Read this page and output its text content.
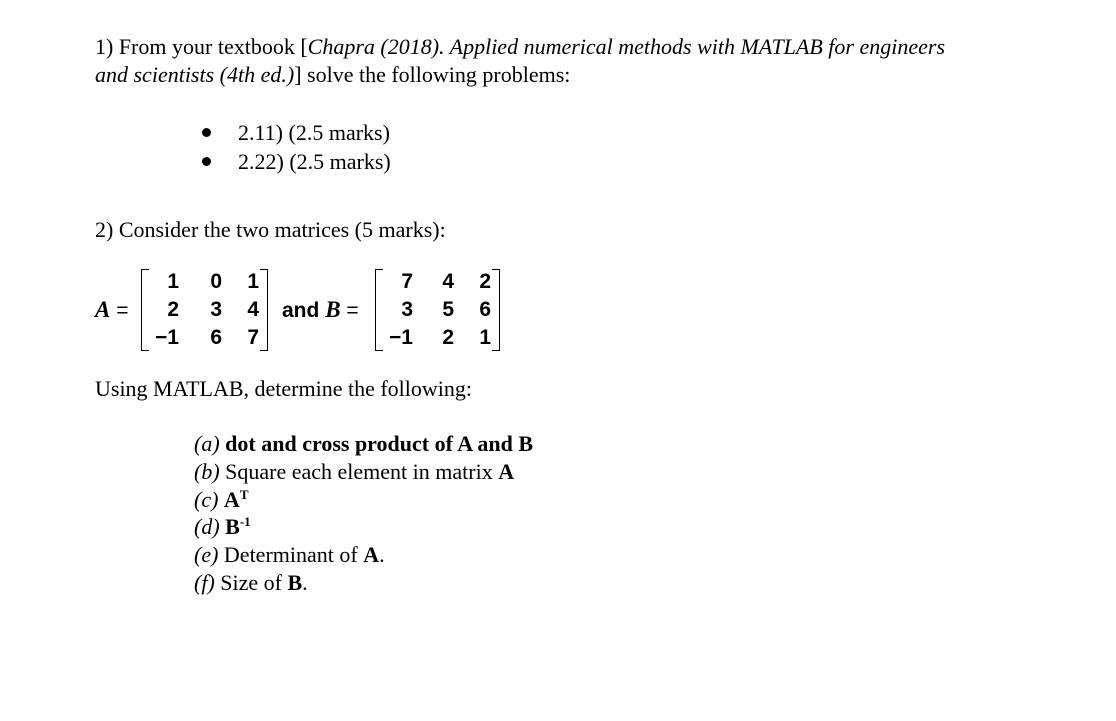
1) From your textbook [Chapra (2018). Applied numerical methods with MATLAB for engineers
and scientists (4th ed.)] solve the following problems:
2.11) (2.5 marks)
2.22) (2.5 marks)
2) Consider the two matrices (5 marks):
A =
1	0	1
2	3	4
−1	6	7
and B =
7	4	2
3	5	6
−1	2	1
Using MATLAB, determine the following:
(a) dot and cross product of A and B
(b) Square each element in matrix A
(c) $A^T$
(d) $B^{-1}$
(e) Determinant of A.
(f) Size of B.
